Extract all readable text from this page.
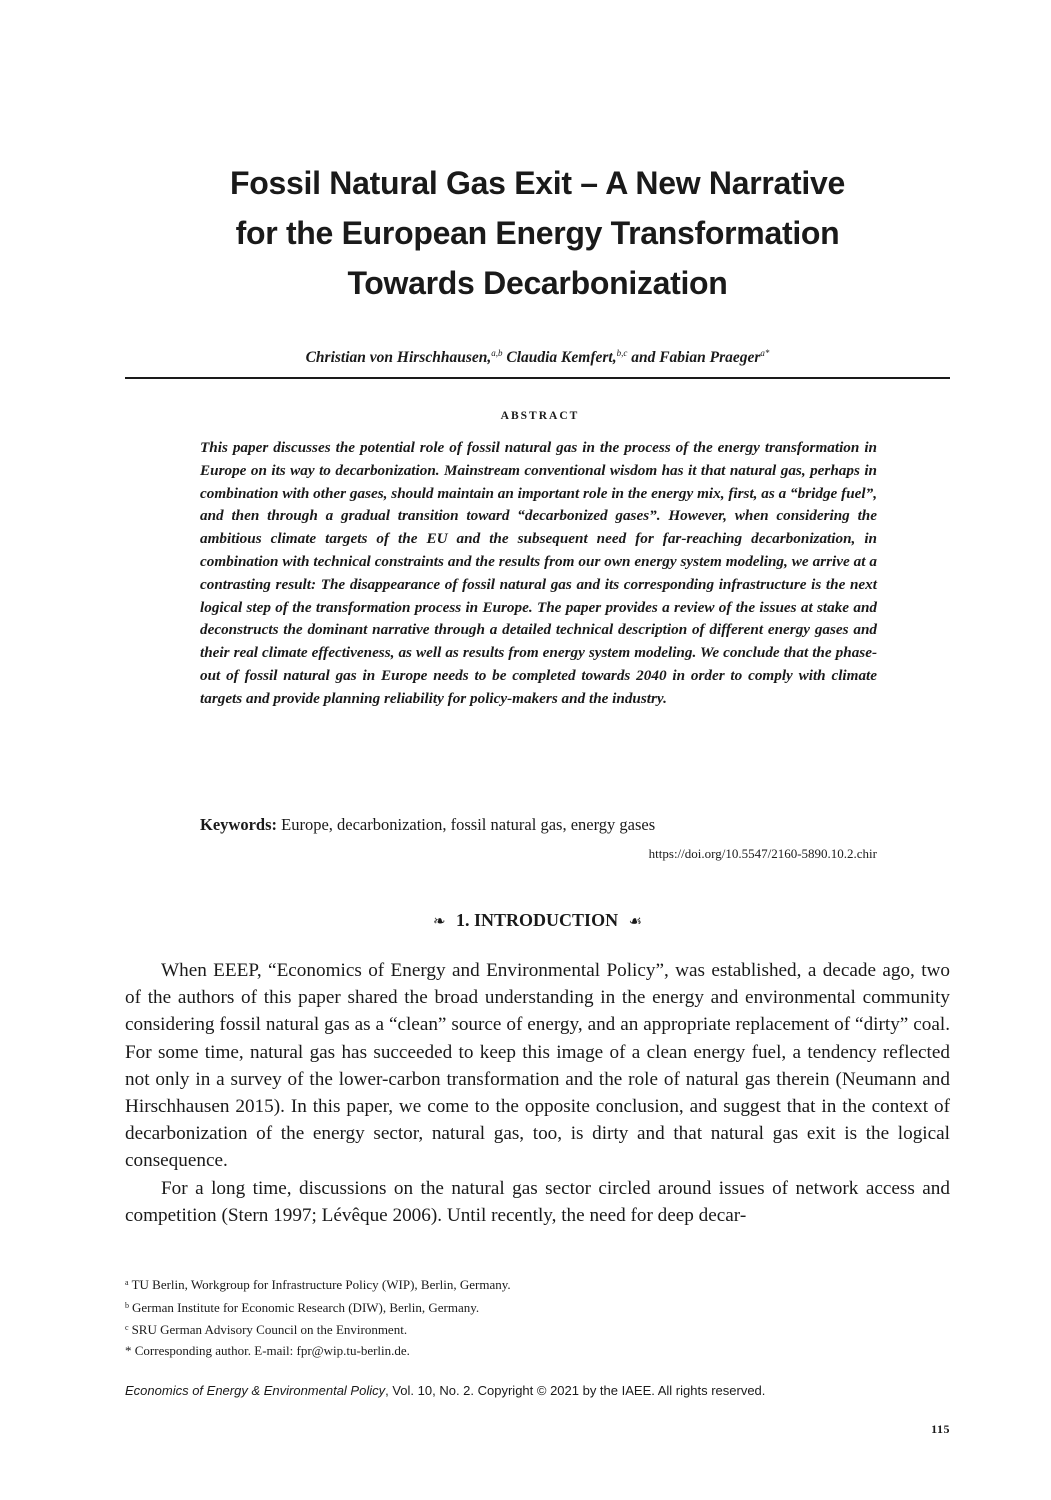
Fossil Natural Gas Exit – A New Narrative
for the European Energy Transformation
Towards Decarbonization
Christian von Hirschhausen,$^{a,b}$ Claudia Kemfert,$^{b,c}$ and Fabian Praeger$^{a*}$
ABSTRACT
This paper discusses the potential role of fossil natural gas in the process of the energy transformation in Europe on its way to decarbonization. Mainstream conventional wisdom has it that natural gas, perhaps in combination with other gases, should maintain an important role in the energy mix, first, as a “bridge fuel”, and then through a gradual transition toward “decarbonized gases”. However, when considering the ambitious climate targets of the EU and the subsequent need for far-reaching decarbonization, in combination with technical constraints and the results from our own energy system modeling, we arrive at a contrasting result: The disappearance of fossil natural gas and its corresponding infrastructure is the next logical step of the transformation process in Europe. The paper provides a review of the issues at stake and deconstructs the dominant narrative through a detailed technical description of different energy gases and their real climate effectiveness, as well as results from energy system modeling. We conclude that the phase-out of fossil natural gas in Europe needs to be completed towards 2040 in order to comply with climate targets and provide planning reliability for policy-makers and the industry.
Keywords: Europe, decarbonization, fossil natural gas, energy gases
https://doi.org/10.5547/2160-5890.10.2.chir
❧ 1. INTRODUCTION ☙

When EEEP, “Economics of Energy and Environmental Policy”, was established, a decade ago, two of the authors of this paper shared the broad understanding in the energy and environmental community considering fossil natural gas as a “clean” source of energy, and an appropriate replacement of “dirty” coal. For some time, natural gas has succeeded to keep this image of a clean energy fuel, a tendency reflected not only in a survey of the lower-carbon transformation and the role of natural gas therein (Neumann and Hirschhausen 2015). In this paper, we come to the opposite conclusion, and suggest that in the context of decarbonization of the energy sector, natural gas, too, is dirty and that natural gas exit is the logical consequence.

For a long time, discussions on the natural gas sector circled around issues of network access and competition (Stern 1997; Lévêque 2006). Until recently, the need for deep decar-

$^a$ TU Berlin, Workgroup for Infrastructure Policy (WIP), Berlin, Germany.
$^b$ German Institute for Economic Research (DIW), Berlin, Germany.
$^c$ SRU German Advisory Council on the Environment.
* Corresponding author. E-mail: fpr@wip.tu-berlin.de.
Economics of Energy & Environmental Policy, Vol. 10, No. 2. Copyright © 2021 by the IAEE. All rights reserved.
115
